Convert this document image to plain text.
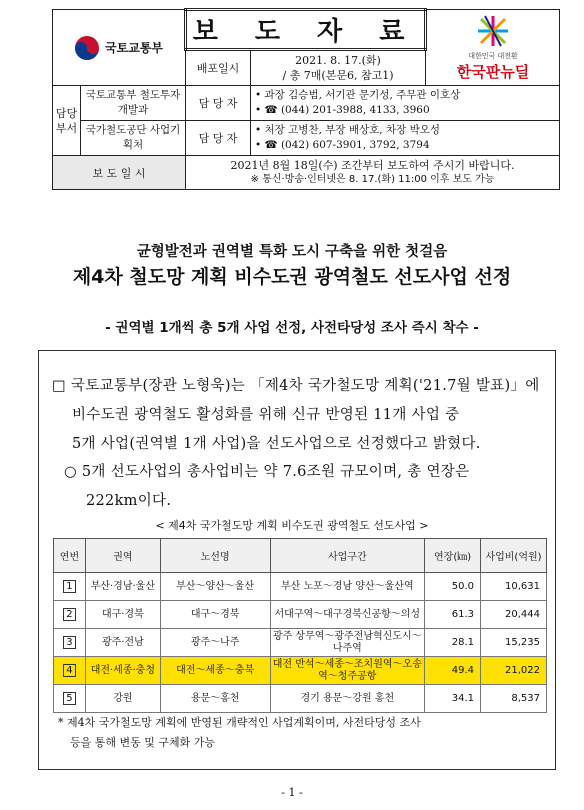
국토교통부		보 도 자 료		대한민국 대전환
한국판뉴딜

		배포일시	2021. 8. 17.(화)
/ 총 7매(본문6, 참고1)	

담당 부서	국토교통부 철도투자개발과	담 당 자	• 과장 김승범, 서기관 문기성, 주무관 이호상
• ☎ (044) 201-3988, 4133, 3960	

	국가철도공단 사업기획처	담 당 자	• 처장 고병찬, 부장 배상호, 차장 박오성
• ☎ (042) 607-3901, 3792, 3794	

보 도 일 시		2021년 8월 18일(수) 조간부터 보도하여 주시기 바랍니다.
※ 통신·방송·인터넷은 8. 17.(화) 11:00 이후 보도 가능		
균형발전과 권역별 특화 도시 구축을 위한 첫걸음
제4차 철도망 계획 비수도권 광역철도 선도사업 선정
- 권역별 1개씩 총 5개 사업 선정, 사전타당성 조사 즉시 착수 -
□ 국토교통부(장관 노형욱)는 「제4차 국가철도망 계획('21.7월 발표)」에
비수도권 광역철도 활성화를 위해 신규 반영된 11개 사업 중
5개 사업(권역별 1개 사업)을 선도사업으로 선정했다고 밝혔다.
○ 5개 선도사업의 총사업비는 약 7.6조원 규모이며, 총 연장은
222km이다.
< 제4차 국가철도망 계획 비수도권 광역철도 선도사업 >
연번	권역	노선명	사업구간	연장(㎞)	사업비(억원)
1	부산·경남·울산	부산～양산～울산	부산 노포～경남 양산～울산역	50.0	10,631
2	대구·경북	대구～경북	서대구역～대구경북신공항～의성	61.3	20,444
3	광주·전남	광주～나주	광주 상무역～광주전남혁신도시～나주역	28.1	15,235
4	대전·세종·충청	대전～세종～충북	대전 반석～세종～조치원역～오송역～청주공항	49.4	21,022
5	강원	용문～홍천	경기 용문～강원 홍천	34.1	8,537
* 제4차 국가철도망 계획에 반영된 개략적인 사업계획이며, 사전타당성 조사
등을 통해 변동 및 구체화 가능
- 1 -
